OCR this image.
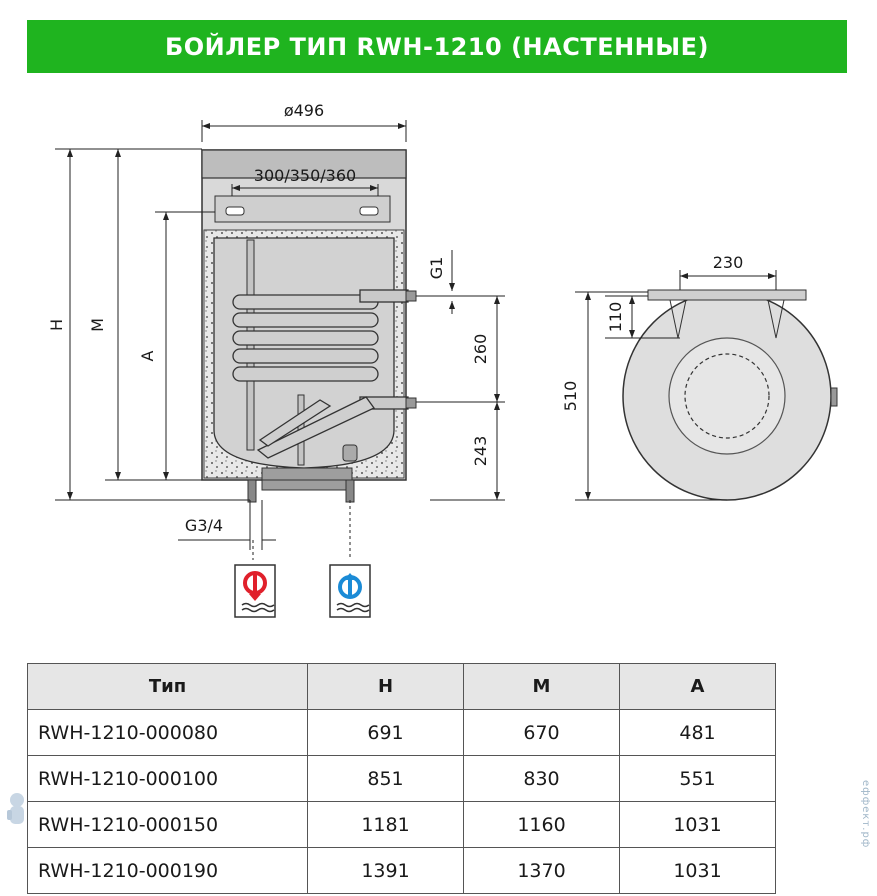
БОЙЛЕР ТИП RWH-1210 (НАСТЕННЫЕ)
ø496
300/350/360
G1
H M
A	260
243
G3/4
230
110
510
Тип	H	M	A
RWH-1210-000080	691	670	481
RWH-1210-000100	851	830	551
RWH-1210-000150	1181	1160	1031
RWH-1210-000190	1391	1370	1031
еффект.рф
